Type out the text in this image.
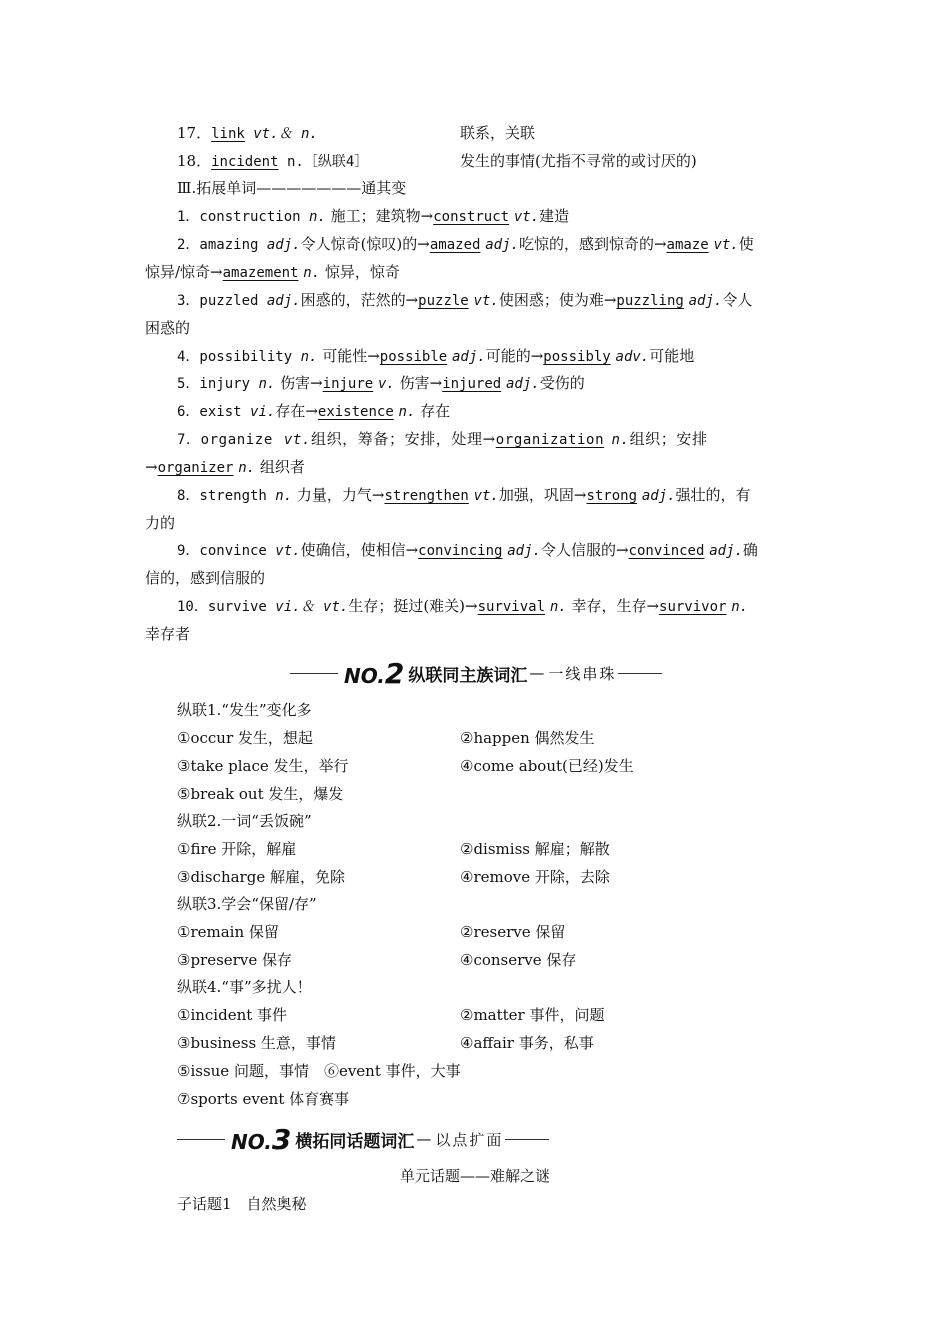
17．link vt.＆ n.	联系，关联
18．incident n.［纵联4］	发生的事情(尤指不寻常的或讨厌的)
Ⅲ.拓展单词———————通其变
1．construction n. 施工；建筑物→construct vt.建造
2．amazing adj.令人惊奇(惊叹)的→amazed adj.吃惊的，感到惊奇的→amaze vt.使
惊异/惊奇→amazement n. 惊异，惊奇
3．puzzled adj.困惑的，茫然的→puzzle vt.使困惑；使为难→puzzling adj.令人
困惑的
4．possibility n. 可能性→possible adj.可能的→possibly adv.可能地
5．injury n. 伤害→injure v. 伤害→injured adj.受伤的
6．exist vi.存在→existence n. 存在
7．organize vt.组织，筹备；安排，处理→organization n.组织；安排
→organizer n. 组织者
8．strength n. 力量，力气→strengthen vt.加强，巩固→strong adj.强壮的，有
力的
9．convince vt.使确信，使相信→convincing adj.令人信服的→convinced adj.确
信的，感到信服的
10．survive vi.＆ vt.生存；挺过(难关)→survival n. 幸存，生存→survivor n.
幸存者
NO.2 纵联同主族词汇 — 一线串珠
纵联1.“发生”变化多
①occur 发生，想起	②happen 偶然发生
③take place 发生，举行	④come about(已经)发生
⑤break out 发生，爆发
纵联2.一词“丢饭碗”
①fire 开除，解雇	②dismiss 解雇；解散
③discharge 解雇，免除	④remove 开除，去除
纵联3.学会“保留/存”
①remain 保留	②reserve 保留
③preserve 保存	④conserve 保存
纵联4.“事”多扰人！
①incident 事件	②matter 事件，问题
③business 生意，事情	④affair 事务，私事
⑤issue 问题，事情　⑥event 事件，大事
⑦sports event 体育赛事
NO.3 横拓同话题词汇 — 以点扩面
单元话题——难解之谜
子话题1　自然奥秘
